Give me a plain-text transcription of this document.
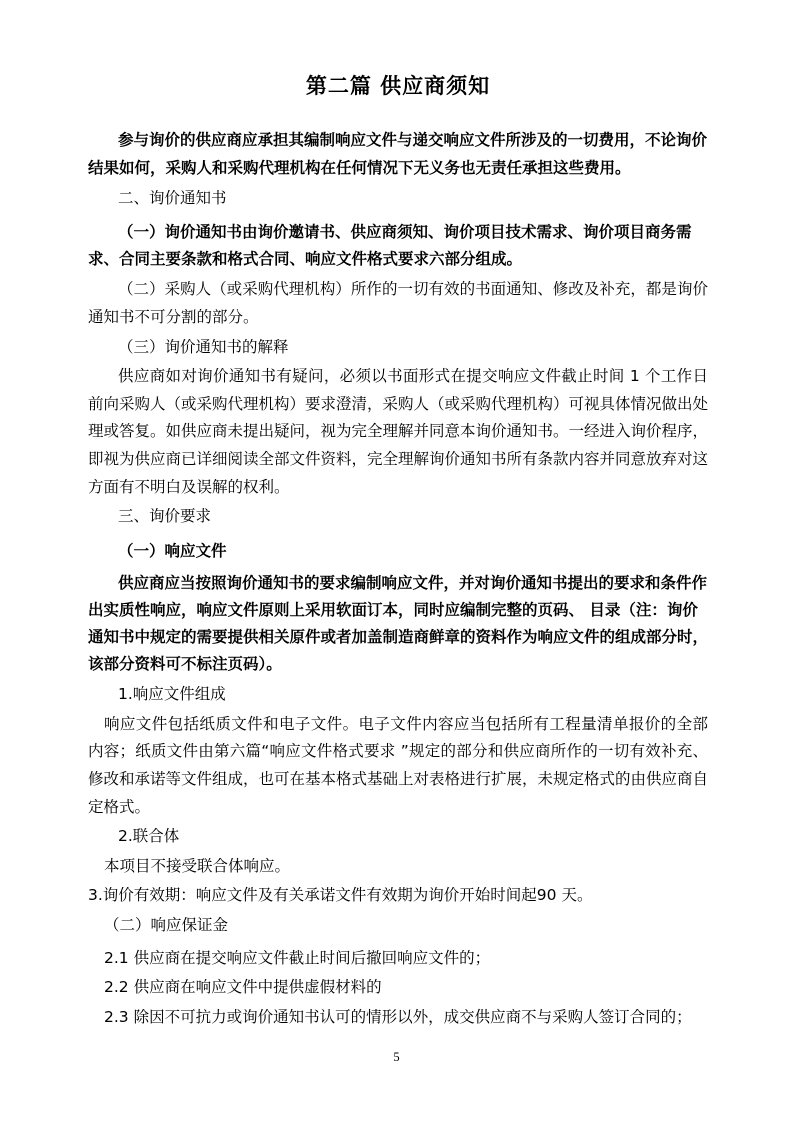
第二篇 供应商须知
参与询价的供应商应承担其编制响应文件与递交响应文件所涉及的一切费用，不论询价结果如何，采购人和采购代理机构在任何情况下无义务也无责任承担这些费用。

二、询价通知书

（一）询价通知书由询价邀请书、供应商须知、询价项目技术需求、询价项目商务需求、合同主要条款和格式合同、响应文件格式要求六部分组成。

（二）采购人（或采购代理机构）所作的一切有效的书面通知、修改及补充，都是询价通知书不可分割的部分。

（三）询价通知书的解释

供应商如对询价通知书有疑问，必须以书面形式在提交响应文件截止时间 1 个工作日前向采购人（或采购代理机构）要求澄清，采购人（或采购代理机构）可视具体情况做出处理或答复。如供应商未提出疑问，视为完全理解并同意本询价通知书。一经进入询价程序，即视为供应商已详细阅读全部文件资料，完全理解询价通知书所有条款内容并同意放弃对这方面有不明白及误解的权利。

三、询价要求

（一）响应文件
供应商应当按照询价通知书的要求编制响应文件，并对询价通知书提出的要求和条件作出实质性响应，响应文件原则上采用软面订本，同时应编制完整的页码、 目录（注：询价通知书中规定的需要提供相关原件或者加盖制造商鲜章的资料作为响应文件的组成部分时，该部分资料可不标注页码）。

1.响应文件组成

响应文件包括纸质文件和电子文件。电子文件内容应当包括所有工程量清单报价的全部内容；纸质文件由第六篇“响应文件格式要求 ”规定的部分和供应商所作的一切有效补充、修改和承诺等文件组成，也可在基本格式基础上对表格进行扩展，未规定格式的由供应商自定格式。

2.联合体

本项目不接受联合体响应。

3.询价有效期：响应文件及有关承诺文件有效期为询价开始时间起90 天。

（二）响应保证金

2.1 供应商在提交响应文件截止时间后撤回响应文件的；

2.2 供应商在响应文件中提供虚假材料的

2.3 除因不可抗力或询价通知书认可的情形以外，成交供应商不与采购人签订合同的；

5
